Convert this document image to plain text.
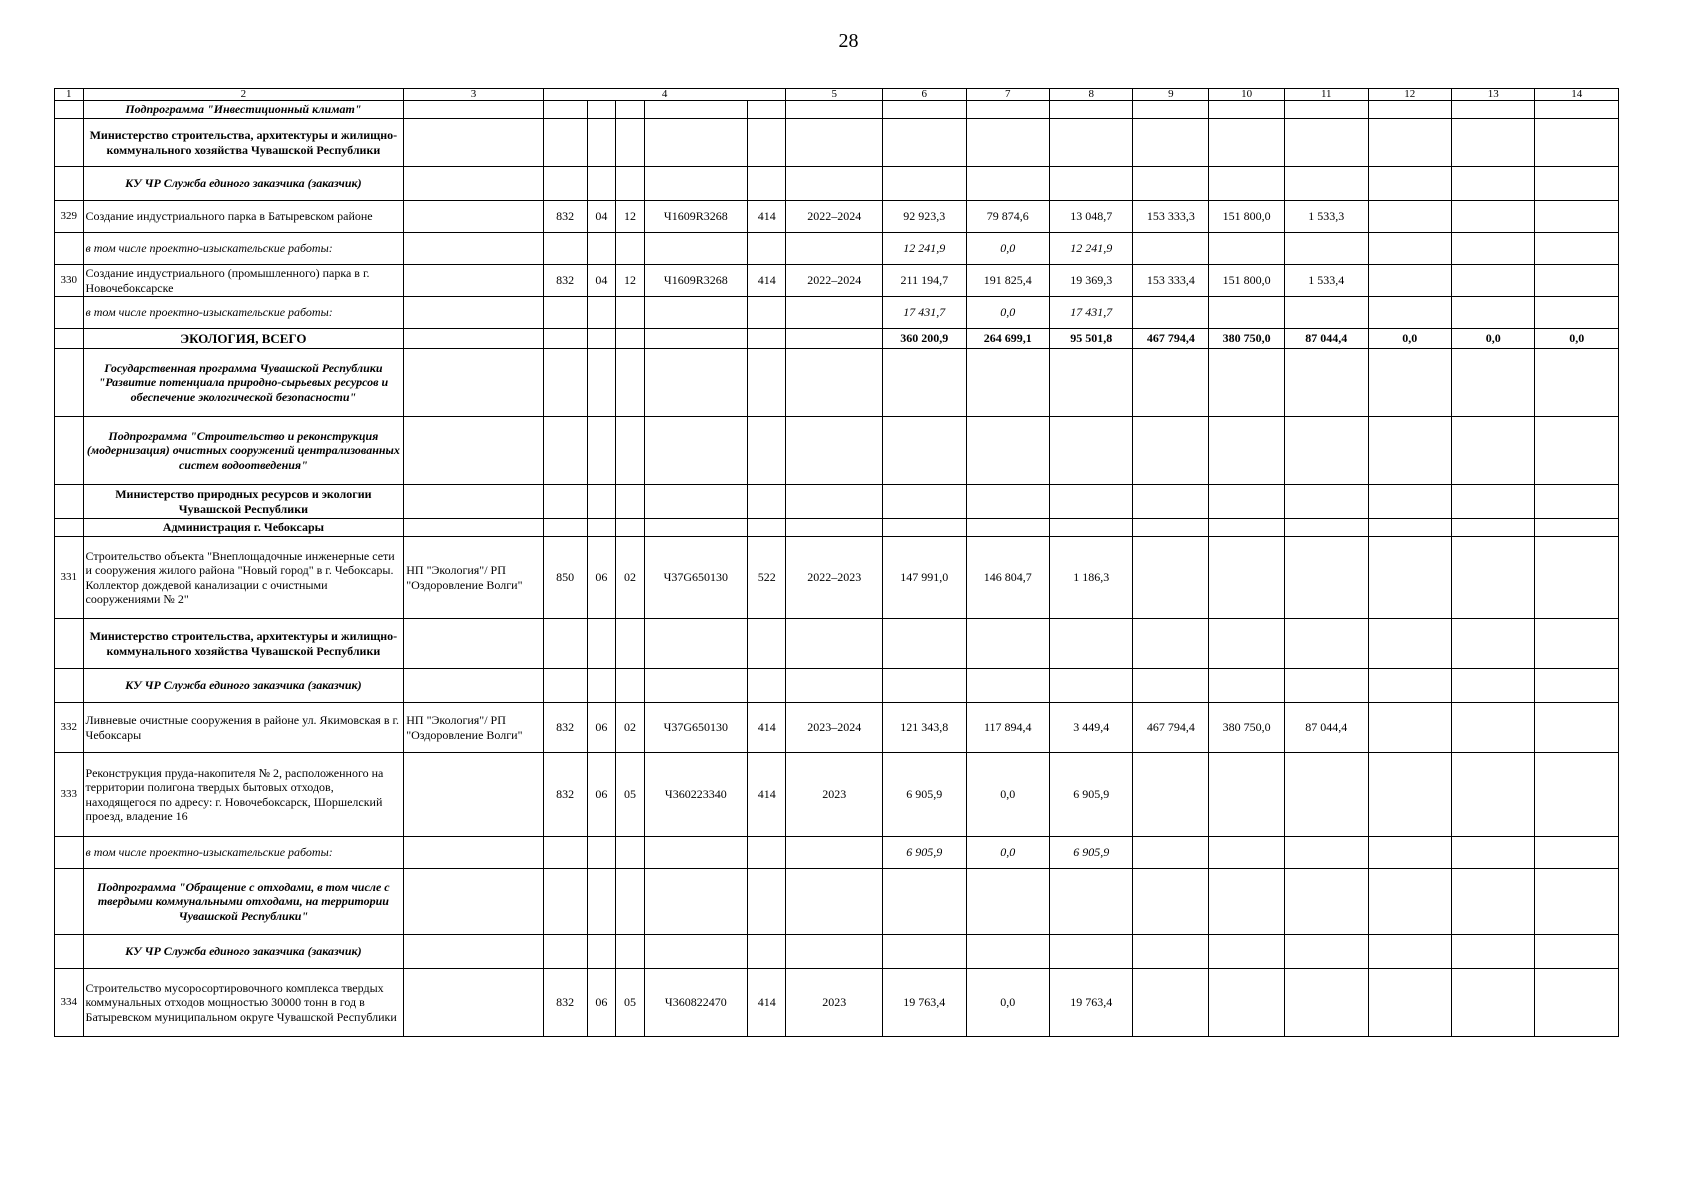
28
1	2	3	4					5	6	7	8	9	10	11	12	13	14
	Подпрограмма "Инвестиционный климат"																
	Министерство строительства, архитектуры и жилищно-коммунального хозяйства Чувашской Республики																
	КУ ЧР Служба единого заказчика (заказчик)																
329	Создание индустриального парка в Батыревском районе		832	04	12	Ч1609R3268	414	2022–2024	92 923,3	79 874,6	13 048,7	153 333,3	151 800,0	1 533,3			
	в том числе проектно-изыскательские работы:								12 241,9	0,0	12 241,9						
330	Создание индустриального (промышленного) парка в г. Новочебоксарске		832	04	12	Ч1609R3268	414	2022–2024	211 194,7	191 825,4	19 369,3	153 333,4	151 800,0	1 533,4			
	в том числе проектно-изыскательские работы:								17 431,7	0,0	17 431,7						
	ЭКОЛОГИЯ, ВСЕГО								360 200,9	264 699,1	95 501,8	467 794,4	380 750,0	87 044,4	0,0	0,0	0,0
	Государственная программа Чувашской Республики "Развитие потенциала природно-сырьевых ресурсов и обеспечение экологической безопасности"																
	Подпрограмма "Строительство и реконструкция (модернизация) очистных сооружений централизованных систем водоотведения"																
	Министерство природных ресурсов и экологии Чувашской Республики																
	Администрация г. Чебоксары																
331	Строительство объекта "Внеплощадочные инженерные сети и сооружения жилого района "Новый город" в г. Чебоксары. Коллектор дождевой канализации с очистными сооружениями № 2"	НП "Экология"/ РП "Оздоровление Волги"	850	06	02	Ч37G650130	522	2022–2023	147 991,0	146 804,7	1 186,3						
	Министерство строительства, архитектуры и жилищно-коммунального хозяйства Чувашской Республики																
	КУ ЧР Служба единого заказчика (заказчик)																
332	Ливневые очистные сооружения в районе ул. Якимовская в г. Чебоксары	НП "Экология"/ РП "Оздоровление Волги"	832	06	02	Ч37G650130	414	2023–2024	121 343,8	117 894,4	3 449,4	467 794,4	380 750,0	87 044,4			
333	Реконструкция пруда-накопителя № 2, расположенного на территории полигона твердых бытовых отходов, находящегося по адресу: г. Новочебоксарск, Шоршелский проезд, владение 16		832	06	05	Ч360223340	414	2023	6 905,9	0,0	6 905,9						
	в том числе проектно-изыскательские работы:								6 905,9	0,0	6 905,9						
	Подпрограмма "Обращение с отходами, в том числе с твердыми коммунальными отходами, на территории Чувашской Республики"																
	КУ ЧР Служба единого заказчика (заказчик)																
334	Строительство мусоросортировочного комплекса твердых коммунальных отходов мощностью 30000 тонн в год в Батыревском муниципальном округе Чувашской Республики		832	06	05	Ч360822470	414	2023	19 763,4	0,0	19 763,4						
